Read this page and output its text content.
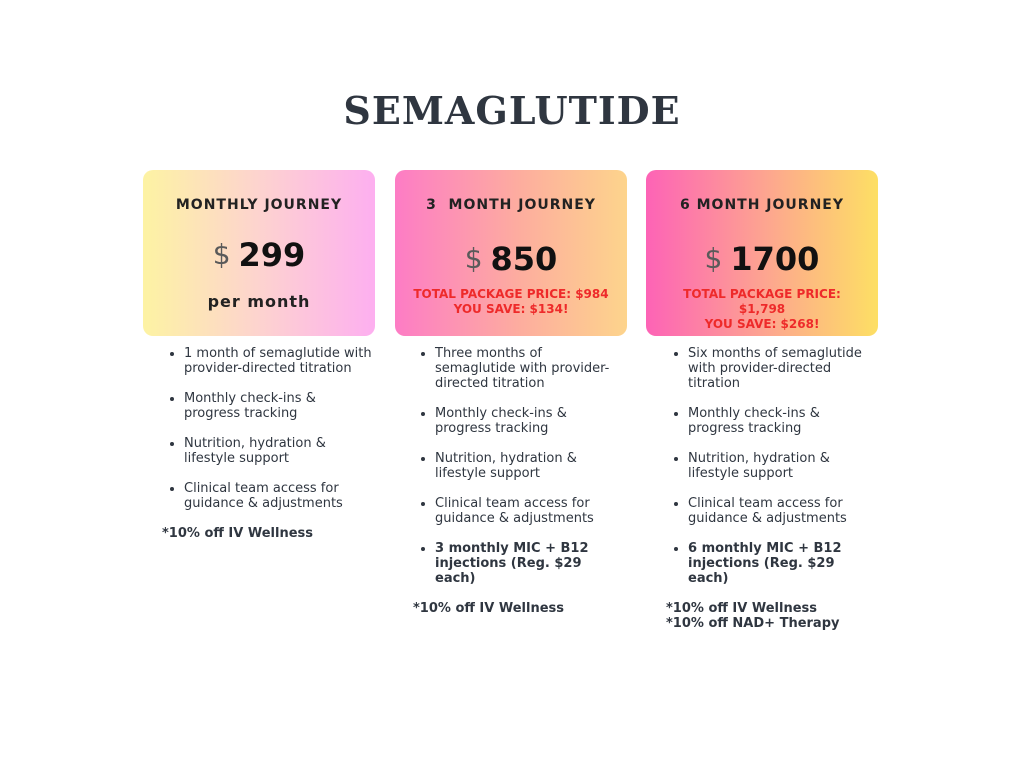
SEMAGLUTIDE
MONTHLY JOURNEY
$ 299
per month
3  MONTH JOURNEY
$ 850
TOTAL PACKAGE PRICE: $984
YOU SAVE: $134!
6 MONTH JOURNEY
$ 1700
TOTAL PACKAGE PRICE: $1,798
YOU SAVE: $268!
• 1 month of semaglutide with provider-directed titration
• Monthly check-ins & progress tracking
• Nutrition, hydration & lifestyle support
• Clinical team access for guidance & adjustments
*10% off IV Wellness
• Three months of semaglutide with provider-directed titration
• Monthly check-ins & progress tracking
• Nutrition, hydration & lifestyle support
• Clinical team access for guidance & adjustments
• 3 monthly MIC + B12 injections (Reg. $29 each)
*10% off IV Wellness
• Six months of semaglutide with provider-directed titration
• Monthly check-ins & progress tracking
• Nutrition, hydration & lifestyle support
• Clinical team access for guidance & adjustments
• 6 monthly MIC + B12 injections (Reg. $29 each)
*10% off IV Wellness
*10% off NAD+ Therapy
